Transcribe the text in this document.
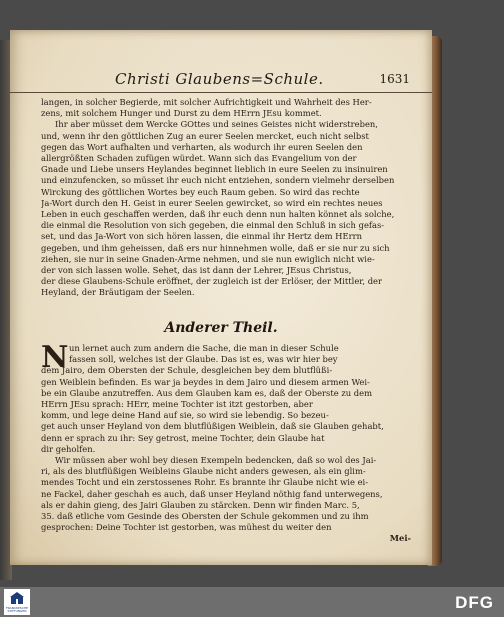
Christi Glaubens=Schule.	1631
langen, in solcher Begierde, mit solcher Aufrichtigkeit und Wahrheit des Her-
zens, mit solchem Hunger und Durst zu dem HErrn JEsu kommet.
Ihr aber müsset dem Wercke GOttes und seines Geistes nicht widerstreben,
und, wenn ihr den göttlichen Zug an eurer Seelen mercket, euch nicht selbst
gegen das Wort aufhalten und verharten, als wodurch ihr euren Seelen den
allergrößten Schaden zufügen würdet. Wann sich das Evangelium von der
Gnade und Liebe unsers Heylandes beginnet lieblich in eure Seelen zu insinuiren
und einzufencken, so müsset ihr euch nicht entziehen, sondern vielmehr derselben
Wirckung des göttlichen Wortes bey euch Raum geben. So wird das rechte
Ja-Wort durch den H. Geist in eurer Seelen gewircket, so wird ein rechtes neues
Leben in euch geschaffen werden, daß ihr euch denn nun halten könnet als solche,
die einmal die Resolution von sich gegeben, die einmal den Schluß in sich gefas-
set, und das Ja-Wort von sich hören lassen, die einmal ihr Hertz dem HErrn
gegeben, und ihm geheissen, daß ers nur hinnehmen wolle, daß er sie nur zu sich
ziehen, sie nur in seine Gnaden-Arme nehmen, und sie nun ewiglich nicht wie-
der von sich lassen wolle. Sehet, das ist dann der Lehrer, JEsus Christus,
der diese Glaubens-Schule eröffnet, der zugleich ist der Erlöser, der Mittler, der
Heyland, der Bräutigam der Seelen.
Anderer Theil.
N un lernet auch zum andern die Sache, die man in dieser Schule
fassen soll, welches ist der Glaube. Das ist es, was wir hier bey
dem Jairo, dem Obersten der Schule, desgleichen bey dem blutflüßi-
gen Weiblein befinden. Es war ja beydes in dem Jairo und diesem armen Wei-
be ein Glaube anzutreffen. Aus dem Glauben kam es, daß der Oberste zu dem
HErrn JEsu sprach: HErr, meine Tochter ist itzt gestorben, aber
komm, und lege deine Hand auf sie, so wird sie lebendig. So bezeu-
get auch unser Heyland von dem blutflüßigen Weiblein, daß sie Glauben gehabt,
denn er sprach zu ihr: Sey getrost, meine Tochter, dein Glaube hat
dir geholfen.
Wir müssen aber wohl bey diesen Exempeln bedencken, daß so wol des Jai-
ri, als des blutflüßigen Weibleins Glaube nicht anders gewesen, als ein glim-
mendes Tocht und ein zerstossenes Rohr. Es brannte ihr Glaube nicht wie ei-
ne Fackel, daher geschah es auch, daß unser Heyland nöthig fand unterwegens,
als er dahin gieng, des Jairi Glauben zu stärcken. Denn wir finden Marc. 5,
35. daß etliche vom Gesinde des Obersten der Schule gekommen und zu ihm
gesprochen: Deine Tochter ist gestorben, was mühest du weiter den
Mei-
FRANCKESCHE STIFTUNGEN	DFG
